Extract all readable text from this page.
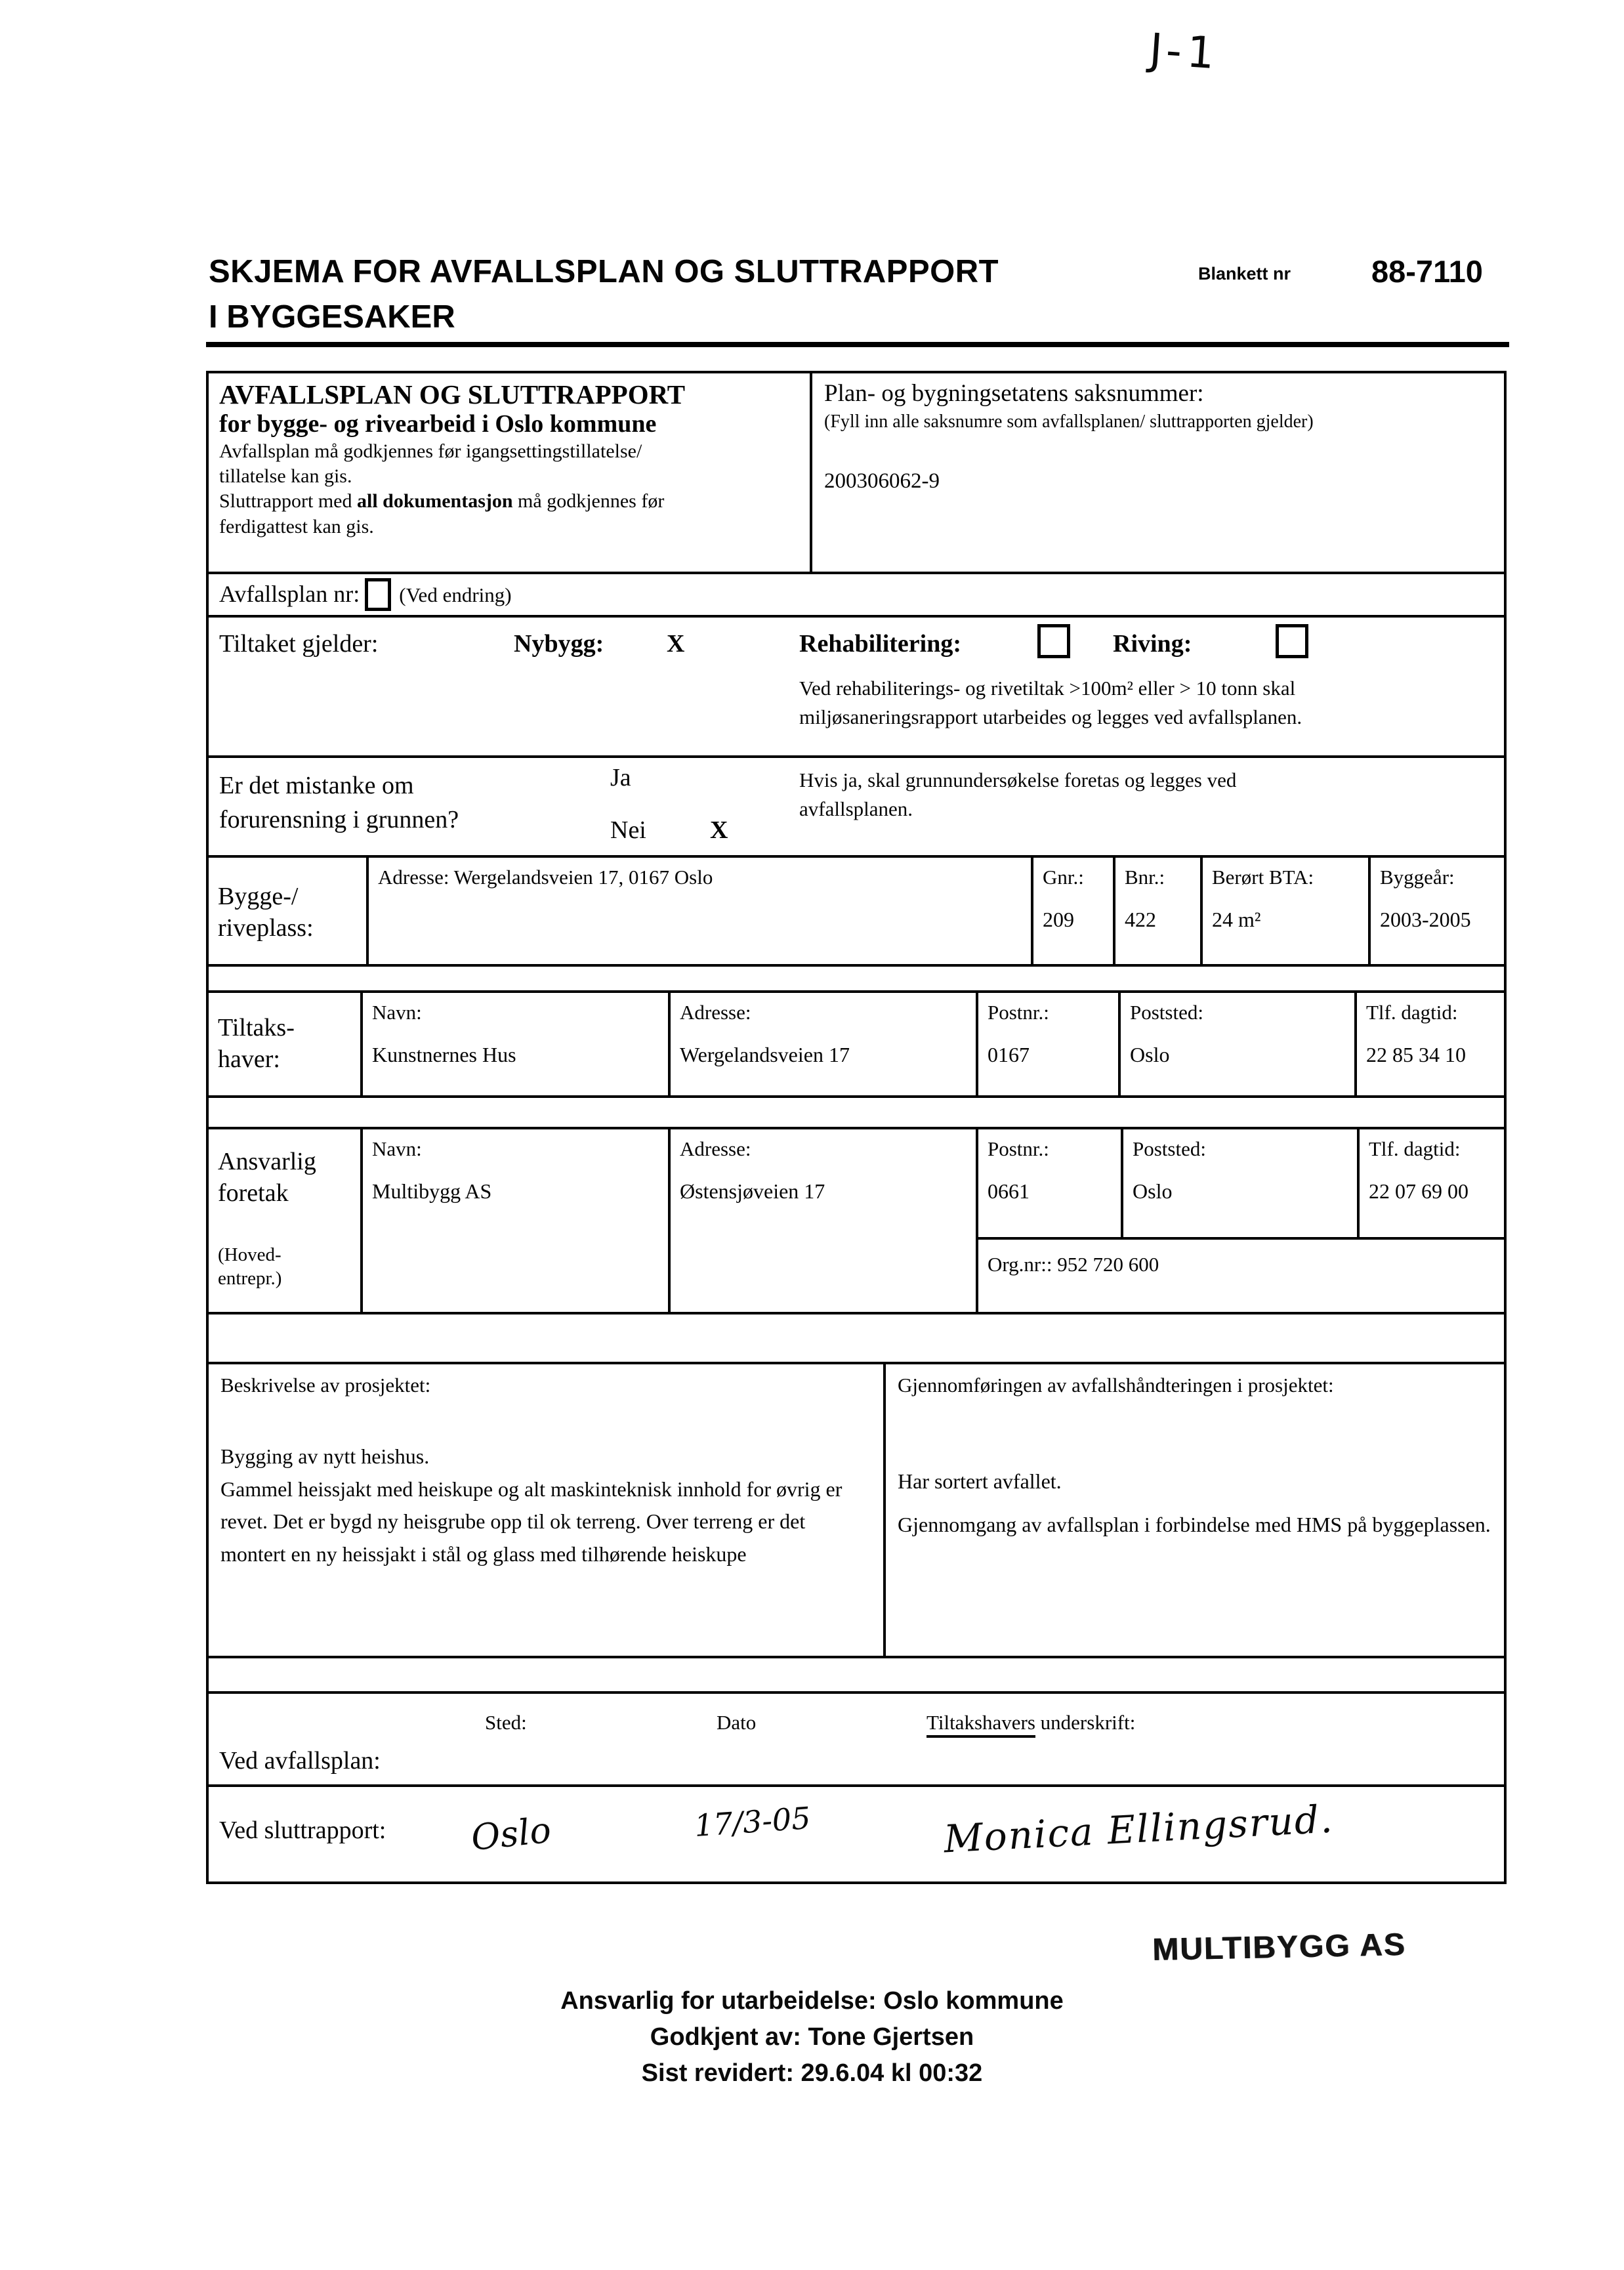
J-1
SKJEMA FOR AVFALLSPLAN OG SLUTTRAPPORT	Blankett nr	88-7110
I BYGGESAKER
AVFALLSPLAN OG SLUTTRAPPORT
for bygge- og rivearbeid i Oslo kommune
Avfallsplan må godkjennes før igangsettingstillatelse/
tillatelse kan gis.
Sluttrapport med all dokumentasjon må godkjennes før
ferdigattest kan gis.
Plan- og bygningsetatens saksnummer:
(Fyll inn alle saksnumre som avfallsplanen/ sluttrapporten gjelder)
200306062-9
Avfallsplan nr: (Ved endring)
Tiltaket gjelder:	Nybygg:	X	Rehabilitering:	Riving:
Ved rehabiliterings- og rivetiltak >100m² eller > 10 tonn skal
miljøsaneringsrapport utarbeides og legges ved avfallsplanen.
Er det mistanke om
forurensning i grunnen?
Ja
Nei	X
Hvis ja, skal grunnundersøkelse foretas og legges ved
avfallsplanen.
Bygge-/
riveplass:
Adresse: Wergelandsveien 17, 0167 Oslo	Gnr.:
209
Bnr.:
422
Berørt BTA:
24 m²
Byggeår:
2003-2005
Tiltaks-
haver:
Navn:
Kunstnernes Hus
Adresse:
Wergelandsveien 17
Postnr.:
0167
Poststed:
Oslo
Tlf. dagtid:
22 85 34 10
Ansvarlig
foretak
(Hoved-
entrepr.)
Navn:
Multibygg AS
Adresse:
Østensjøveien 17
Postnr.:
0661
Poststed:
Oslo
Tlf. dagtid:
22 07 69 00
Org.nr:: 952 720 600
Beskrivelse av prosjektet:
Bygging av nytt heishus.
Gammel heissjakt med heiskupe og alt maskinteknisk innhold for øvrig er revet. Det er bygd ny heisgrube opp til ok terreng. Over terreng er det montert en ny heissjakt i stål og glass med tilhørende heiskupe
Gjennomføringen av avfallshåndteringen i prosjektet:
Har sortert avfallet.
Gjennomgang av avfallsplan i forbindelse med HMS på byggeplassen.
Sted:	Dato	Tiltakshavers underskrift:
Ved avfallsplan:
Ved sluttrapport: Oslo	17/3-05	Monica Ellingsrud.
MULTIBYGG AS
Ansvarlig for utarbeidelse: Oslo kommune
Godkjent av: Tone Gjertsen
Sist revidert: 29.6.04 kl 00:32
